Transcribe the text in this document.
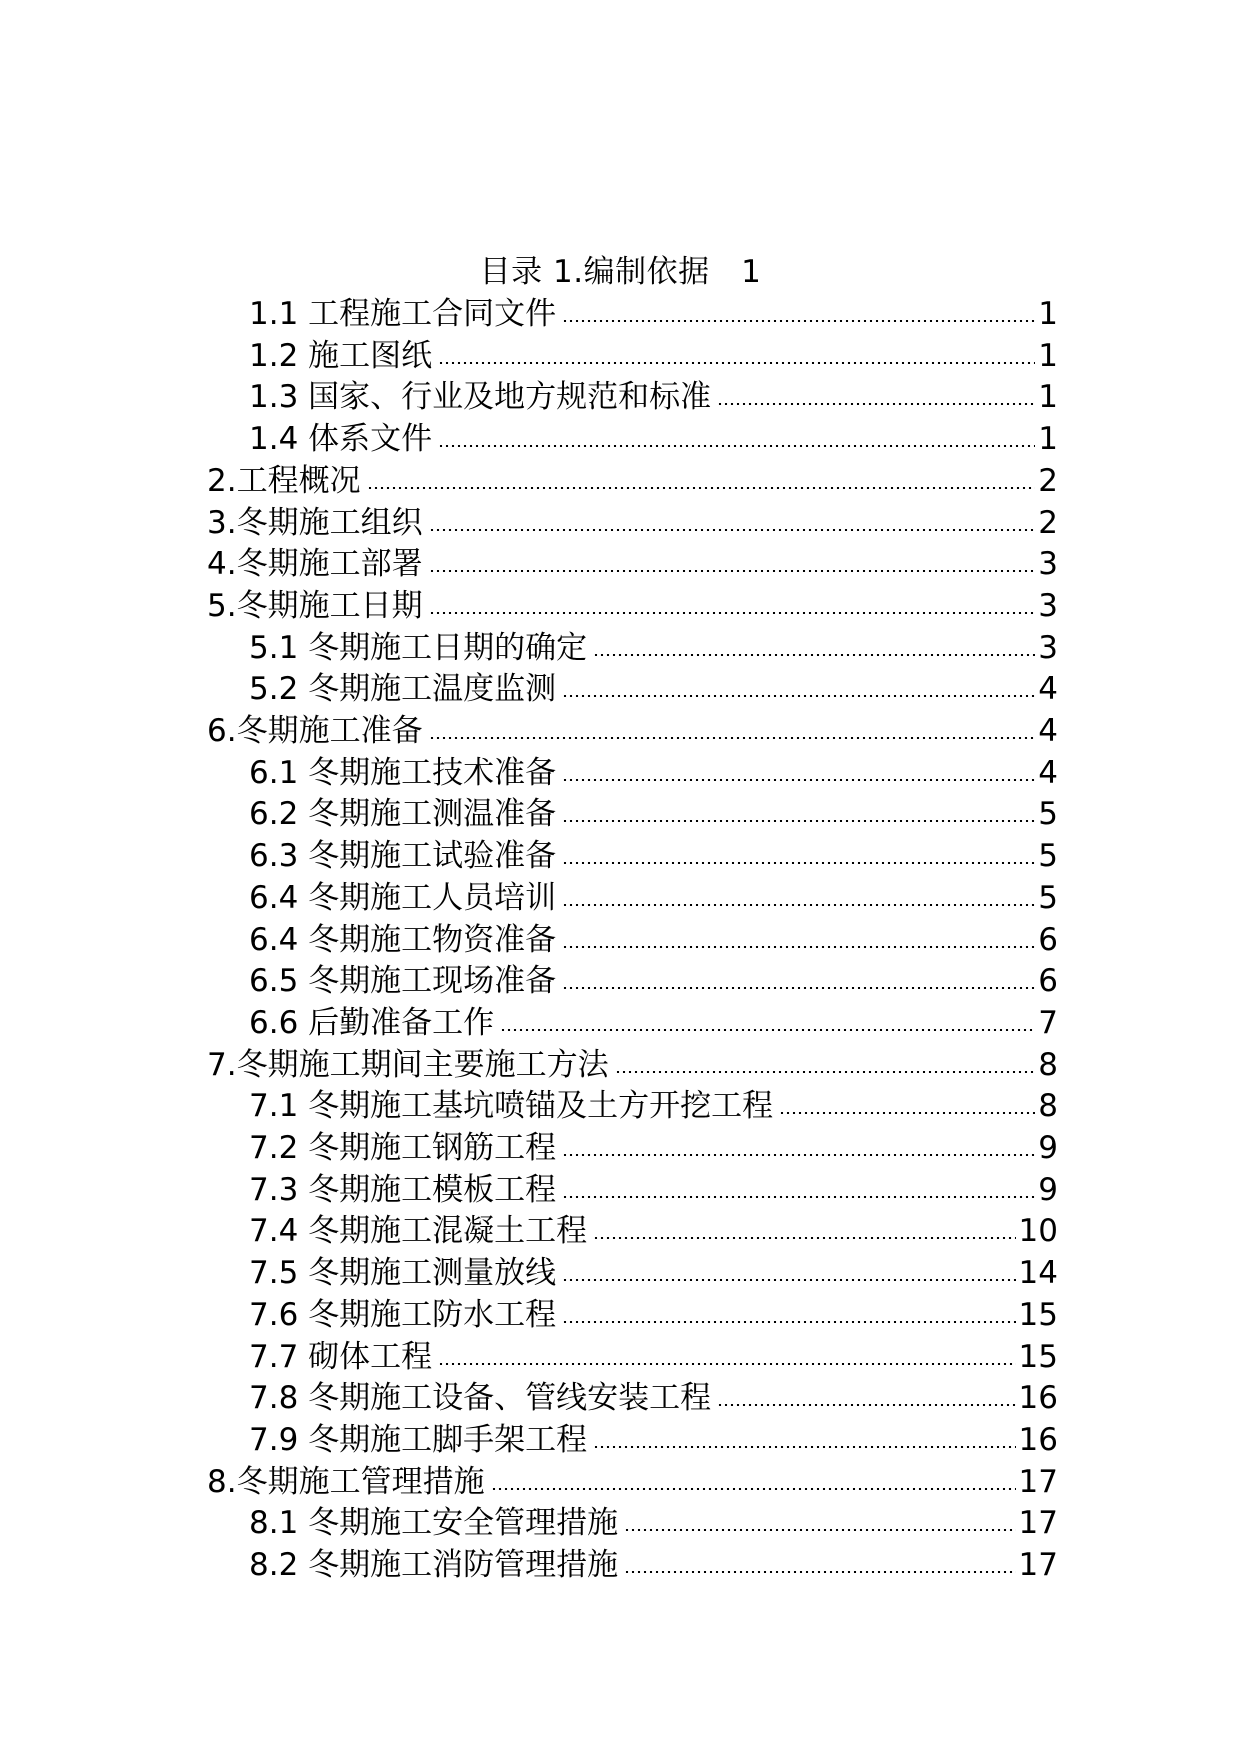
目录 1.编制依据　1
1.1 工程施工合同文件	1
1.2 施工图纸	1
1.3 国家、行业及地方规范和标准	1
1.4 体系文件	1
2.工程概况	2
3.冬期施工组织	2
4.冬期施工部署	3
5.冬期施工日期	3
5.1 冬期施工日期的确定	3
5.2 冬期施工温度监测	4
6.冬期施工准备	4
6.1 冬期施工技术准备	4
6.2 冬期施工测温准备	5
6.3 冬期施工试验准备	5
6.4 冬期施工人员培训	5
6.4 冬期施工物资准备	6
6.5 冬期施工现场准备	6
6.6 后勤准备工作	7
7.冬期施工期间主要施工方法	8
7.1 冬期施工基坑喷锚及土方开挖工程	8
7.2 冬期施工钢筋工程	9
7.3 冬期施工模板工程	9
7.4 冬期施工混凝土工程	10
7.5 冬期施工测量放线	14
7.6 冬期施工防水工程	15
7.7 砌体工程	15
7.8 冬期施工设备、管线安装工程	16
7.9 冬期施工脚手架工程	16
8.冬期施工管理措施	17
8.1 冬期施工安全管理措施	17
8.2 冬期施工消防管理措施	17
